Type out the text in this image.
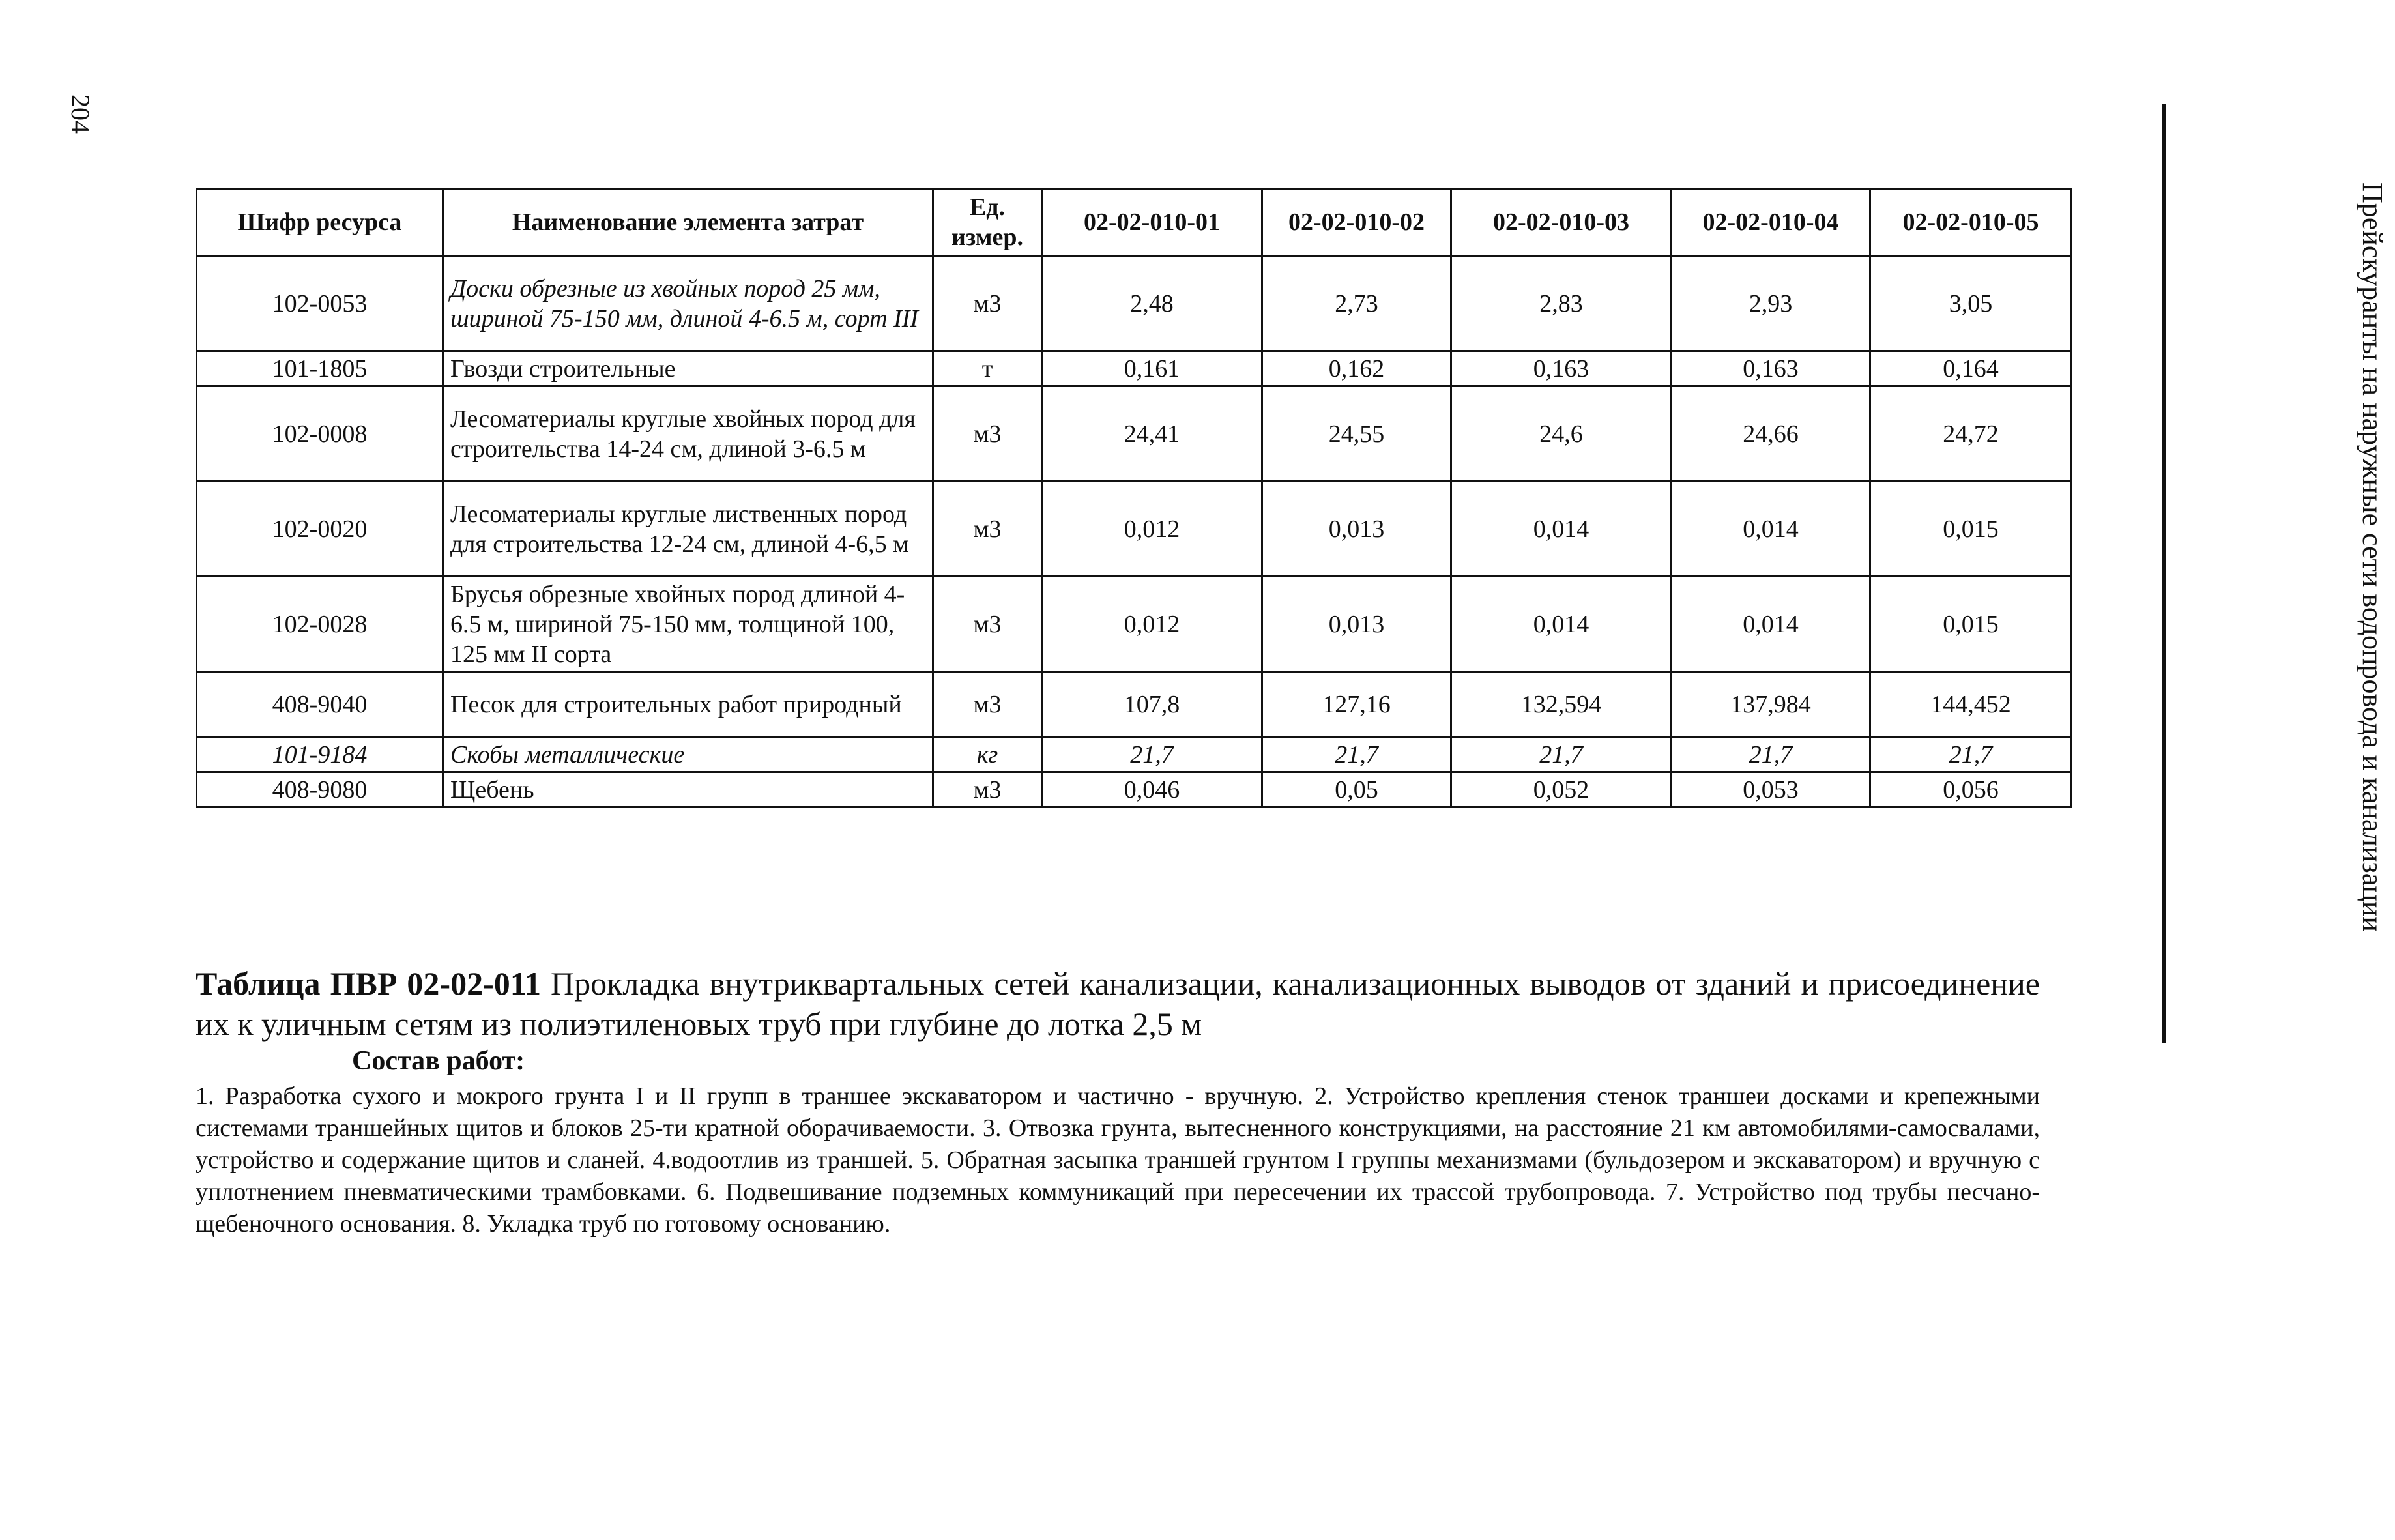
204
Прейскуранты на наружные сети водопровода и канализации
Шифр ресурса	Наименование элемента затрат	Ед. измер.	02-02-010-01	02-02-010-02	02-02-010-03	02-02-010-04	02-02-010-05
102-0053	Доски обрезные из хвойных пород 25 мм, шириной 75-150 мм, длиной 4-6.5 м, сорт III	м3	2,48	2,73	2,83	2,93	3,05
101-1805	Гвозди строительные	т	0,161	0,162	0,163	0,163	0,164
102-0008	Лесоматериалы круглые хвойных пород для строительства 14-24 см, длиной 3-6.5 м	м3	24,41	24,55	24,6	24,66	24,72
102-0020	Лесоматериалы круглые лиственных пород для строительства 12-24 см, длиной 4-6,5 м	м3	0,012	0,013	0,014	0,014	0,015
102-0028	Брусья обрезные хвойных пород длиной 4-6.5 м, шириной 75-150 мм, толщиной 100, 125 мм II сорта	м3	0,012	0,013	0,014	0,014	0,015
408-9040	Песок для строительных работ природный	м3	107,8	127,16	132,594	137,984	144,452
101-9184	Скобы металлические	кг	21,7	21,7	21,7	21,7	21,7
408-9080	Щебень	м3	0,046	0,05	0,052	0,053	0,056
Таблица ПВР 02-02-011 Прокладка внутриквартальных сетей канализации, канализационных выводов от зданий и присоединение их к уличным сетям из полиэтиленовых труб при глубине до лотка 2,5 м
Состав работ:
1. Разработка сухого и мокрого грунта I и II групп в траншее экскаватором и частично - вручную. 2. Устройство крепления стенок траншеи досками и крепежными системами траншейных щитов и блоков 25-ти кратной оборачиваемости. 3. Отвозка грунта, вытесненного конструкциями, на расстояние 21 км автомобилями-самосвалами, устройство и содержание щитов и сланей. 4.водоотлив из траншей. 5. Обратная засыпка траншей грунтом I группы механизмами (бульдозером и экскаватором) и вручную с уплотнением пневматическими трамбовками. 6. Подвешивание подземных коммуникаций при пересечении их трассой трубопровода. 7. Устройство под трубы песчано-щебеночного основания. 8. Укладка труб по готовому основанию.
